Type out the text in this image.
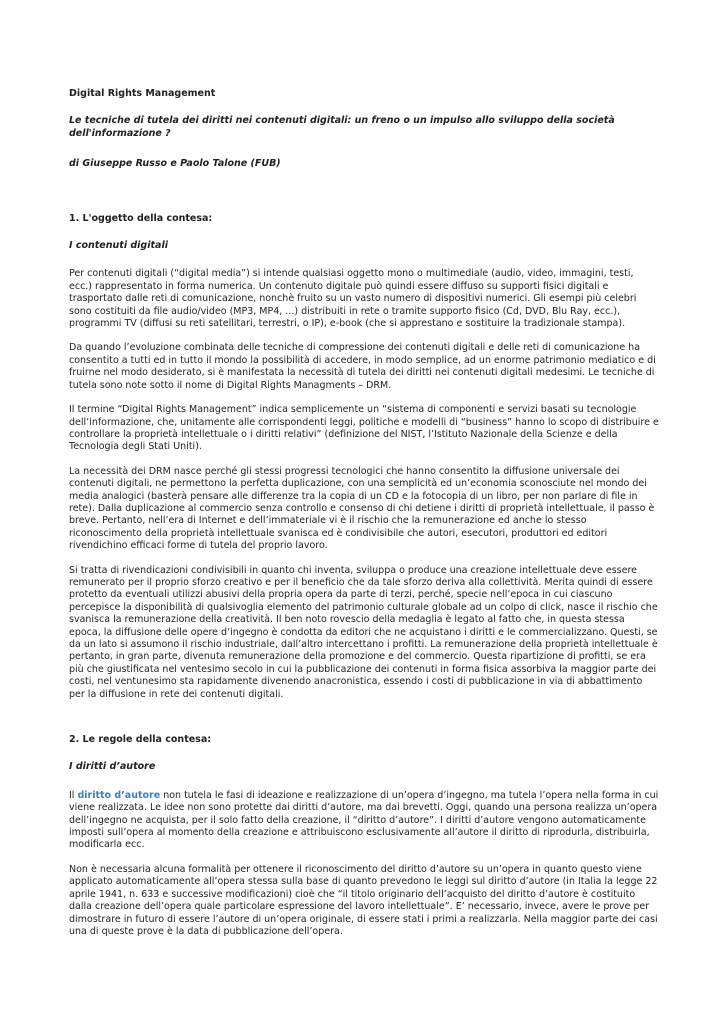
Digital Rights Management
Le tecniche di tutela dei diritti nei contenuti digitali: un freno o un impulso allo sviluppo della società dell'informazione ?
di Giuseppe Russo e Paolo Talone (FUB)
1. L'oggetto della contesa:
I contenuti digitali

Per contenuti digitali (“digital media”) si intende qualsiasi oggetto mono o multimediale (audio, video, immagini, testi, ecc.) rappresentato in forma numerica. Un contenuto digitale può quindi essere diffuso su supporti fisici digitali e trasportato dalle reti di comunicazione, nonchè fruito su un vasto numero di dispositivi numerici. Gli esempi più celebri sono costituiti da file audio/video (MP3, MP4, ...) distribuiti in rete o tramite supporto fisico (Cd, DVD, Blu Ray, ecc.), programmi TV (diffusi su reti satellitari, terrestri, o IP), e-book (che si apprestano e sostituire la tradizionale stampa).

Da quando l’evoluzione combinata delle tecniche di compressione dei contenuti digitali e delle reti di comunicazione ha consentito a tutti ed in tutto il mondo la possibilità di accedere, in modo semplice, ad un enorme patrimonio mediatico e di fruirne nel modo desiderato, si è manifestata la necessità di tutela dei diritti nei contenuti digitali medesimi. Le tecniche di tutela sono note sotto il nome di Digital Rights Managments – DRM.

Il termine “Digital Rights Management” indica semplicemente un “sistema di componenti e servizi basati su tecnologie dell’informazione, che, unitamente alle corrispondenti leggi, politiche e modelli di “business” hanno lo scopo di distribuire e controllare la proprietà intellettuale o i diritti relativi” (definizione del NIST, l’Istituto Nazionale della Scienze e della Tecnologia degli Stati Uniti).

La necessità dei DRM nasce perché gli stessi progressi tecnologici che hanno consentito la diffusione universale dei contenuti digitali, ne permettono la perfetta duplicazione, con una semplicità ed un’economia sconosciute nel mondo dei media analogici (basterà pensare alle differenze tra la copia di un CD e la fotocopia di un libro, per non parlare di file in rete). Dalla duplicazione al commercio senza controllo e consenso di chi detiene i diritti di proprietà intellettuale, il passo è breve. Pertanto, nell’era di Internet e dell’immateriale vi è il rischio che la remunerazione ed anche lo stesso riconoscimento della proprietà intellettuale svanisca ed è condivisibile che autori, esecutori, produttori ed editori rivendichino efficaci forme di tutela del proprio lavoro.

Si tratta di rivendicazioni condivisibili in quanto chi inventa, sviluppa o produce una creazione intellettuale deve essere remunerato per il proprio sforzo creativo e per il beneficio che da tale sforzo deriva alla collettività. Merita quindi di essere protetto da eventuali utilizzi abusivi della propria opera da parte di terzi, perché, specie nell’epoca in cui ciascuno percepisce la disponibilità di qualsivoglia elemento del patrimonio culturale globale ad un colpo di click, nasce il rischio che svanisca la remunerazione della creatività. Il ben noto rovescio della medaglia è legato al fatto che, in questa stessa epoca, la diffusione delle opere d’ingegno è condotta da editori che ne acquistano i diritti e le commercializzano. Questi, se da un lato si assumono il rischio industriale, dall’altro intercettano i profitti. La remunerazione della proprietà intellettuale è pertanto, in gran parte, divenuta remunerazione della promozione e del commercio. Questa ripartizione di profitti, se era più che giustificata nel ventesimo secolo in cui la pubblicazione dei contenuti in forma fisica assorbiva la maggior parte dei costi, nel ventunesimo sta rapidamente divenendo anacronistica, essendo i costi di pubblicazione in via di abbattimento per la diffusione in rete dei contenuti digitali.

2. Le regole della contesa:
I diritti d’autore

Il diritto d’autore non tutela le fasi di ideazione e realizzazione di un’opera d’ingegno, ma tutela l’opera nella forma in cui viene realizzata. Le idee non sono protette dai diritti d’autore, ma dai brevetti. Oggi, quando una persona realizza un’opera dell’ingegno ne acquista, per il solo fatto della creazione, il “diritto d’autore”. I diritti d’autore vengono automaticamente imposti sull’opera al momento della creazione e attribuiscono esclusivamente all’autore il diritto di riprodurla, distribuirla, modificarla ecc.

Non è necessaria alcuna formalità per ottenere il riconoscimento del diritto d’autore su un’opera in quanto questo viene applicato automaticamente all’opera stessa sulla base di quanto prevedono le leggi sul diritto d’autore (in Italia la legge 22 aprile 1941, n. 633 e successive modificazioni) cioè che “il titolo originario dell’acquisto del diritto d’autore è costituito dalla creazione dell’opera quale particolare espressione del lavoro intellettuale”. E’ necessario, invece, avere le prove per dimostrare in futuro di essere l’autore di un’opera originale, di essere stati i primi a realizzarla. Nella maggior parte dei casi una di queste prove è la data di pubblicazione dell’opera.
